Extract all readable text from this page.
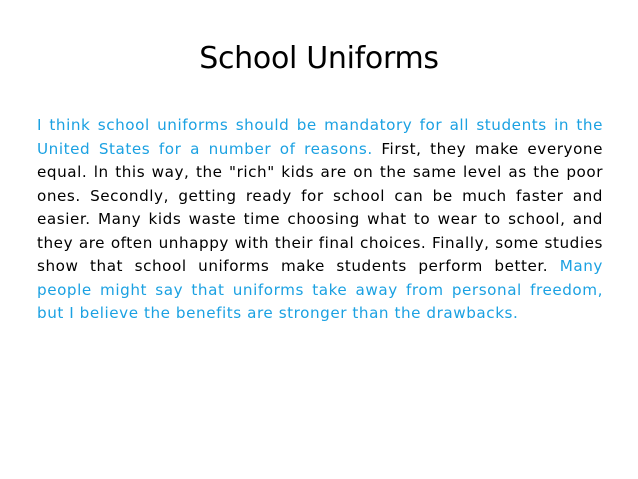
School Uniforms

I think school uniforms should be mandatory for all students in the United States for a number of reasons. First, they make everyone equal. ln this way, the "rich" kids are on the same level as the poor ones. Secondly, getting ready for school can be much faster and easier. Many kids waste time choosing what to wear to school, and they are often unhappy with their final choices. Finally, some studies show that school uniforms make students perform better. Many people might say that uniforms take away from personal freedom, but I believe the benefits are stronger than the drawbacks.
